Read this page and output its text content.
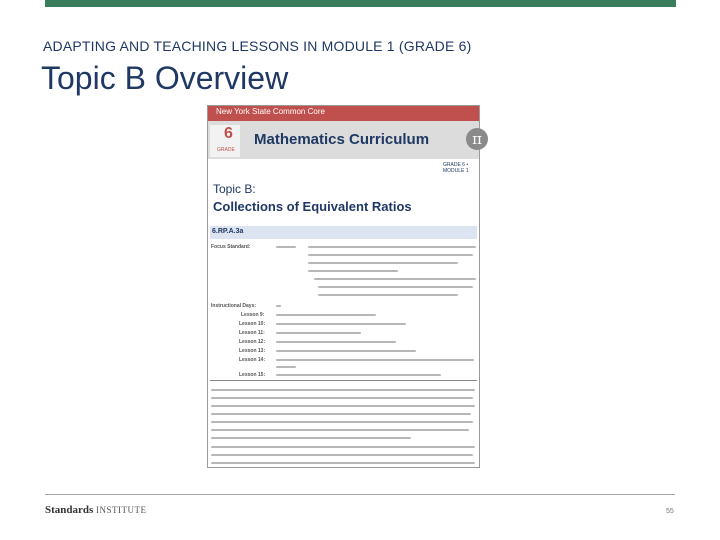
ADAPTING AND TEACHING LESSONS IN MODULE 1 (GRADE 6)
Topic B Overview
New York State Common Core
6
GRADE
Mathematics Curriculum	π
GRADE 6 • MODULE 1
Topic B:
Collections of Equivalent Ratios
6.RP.A.3a
Focus Standard:
Instructional Days:
Lesson 9:
Lesson 10:
Lesson 11:
Lesson 12:
Lesson 13:
Lesson 14:
Lesson 15:
Standards INSTITUTE	55
